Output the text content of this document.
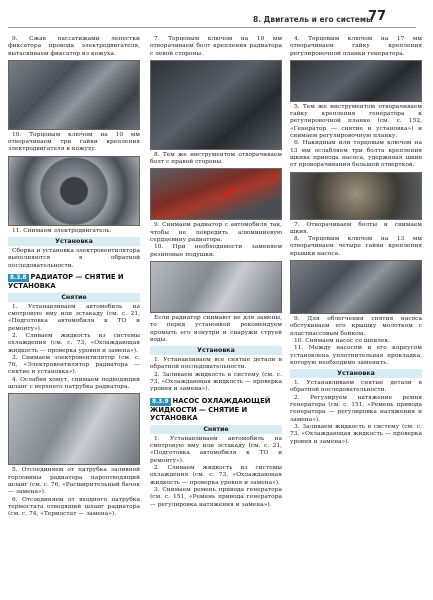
8. Двигатель и его системы
77

9. Сжав пассатижами лепестки фиксатора провода электродвигателя, вытаскиваем фиксатор из кожуха.

10. Торцовым ключом на 10 мм отворачиваем три гайки крепления электродвигателя к кожуху.

11. Снимаем электродвигатель.

Установка

Сборка и установка электровентилятора выполняются в обратной последовательности.

8.3.8 РАДИАТОР — СНЯТИЕ И УСТАНОВКА
Снятие

1. Устанавливаем автомобиль на смотровую яму или эстакаду (см. с. 21, «Подготовка автомобиля к ТО и ремонту»).

2. Сливаем жидкость из системы охлаждения (см. с. 73, «Охлаждающая жидкость — проверка уровня и замена»).

3. Снимаем электровентилятор (см. с. 76, «Электровентилятор радиатора — снятие и установка»).

4. Ослабив хомут, снимаем подводящий шланг с верхнего патрубка радиатора.

5. Отсоединяем от патрубка заливной горловины радиатора пароотводящий шланг (см. с. 76, «Расширительный бачок — замена»).

6. Отсоединяем от входного патрубка термостата отводящий шланг радиатора (см. с. 74, «Термостат — замена»).

7. Торцовым ключом на 10 мм отворачиваем болт крепления радиатора с левой стороны.

8. Тем же инструментом отворачиваем болт с правой стороны.

9. Снимаем радиатор с автомобиля так, чтобы не повредить алюминиевую сердцевину радиатора.

10. При необходимости заменяем резиновые подушки.

Если радиатор снимают не для замены, то перед установкой рекомендуем промыть его изнутри и снаружи струей воды.

Установка

1. Устанавливаем все снятые детали в обратной последовательности.

2. Заливаем жидкость в систему (см. с. 73, «Охлаждающая жидкость — проверка уровня и замена»).

8.3.9 НАСОС ОХЛАЖДАЮЩЕЙ ЖИДКОСТИ — СНЯТИЕ И УСТАНОВКА
Снятие

1. Устанавливаем автомобиль на смотровую яму или эстакаду (см. с. 21, «Подготовка автомобиля к ТО и ремонту»).

2. Сливаем жидкость из системы охлаждения (см. с. 73, «Охлаждающая жидкость — проверка уровня и замена»).

3. Снимаем ремень привода генератора (см. с. 151, «Ремень привода генератора — регулировка натяжения и замена»).

4. Торцовым ключом на 17 мм отворачиваем гайку крепления регулировочной планки генератора.

5. Тем же инструментом отворачиваем гайку крепления генератора к регулировочной планке (см. с. 152, «Генератор — снятие и установка») и снимаем регулировочную планку.

6. Накидным или торцовым ключом на 13 мм ослабляем три болта крепления шкива привода насоса, удерживая шкив от проворачивания большой отверткой.

7. Отворачиваем болты и снимаем шкив.

8. Торцовым ключом на 13 мм отворачиваем четыре гайки крепления крышки насоса.

9. Для облегчения снятия насоса обстукиваем его крышку молотком с пластмассовым бойком.

10. Снимаем насос со шпилек.

11. Между насосом и его корпусом установлена уплотнительная прокладка, которую необходимо заменить.

Установка

1. Устанавливаем снятые детали в обратной последовательности.

2. Регулируем натяжение ремня генератора (см. с. 151, «Ремень привода генератора — регулировка натяжения и замена»).

3. Заливаем жидкость в систему (см. с. 73, «Охлаждающая жидкость — проверка уровня и замена»).
